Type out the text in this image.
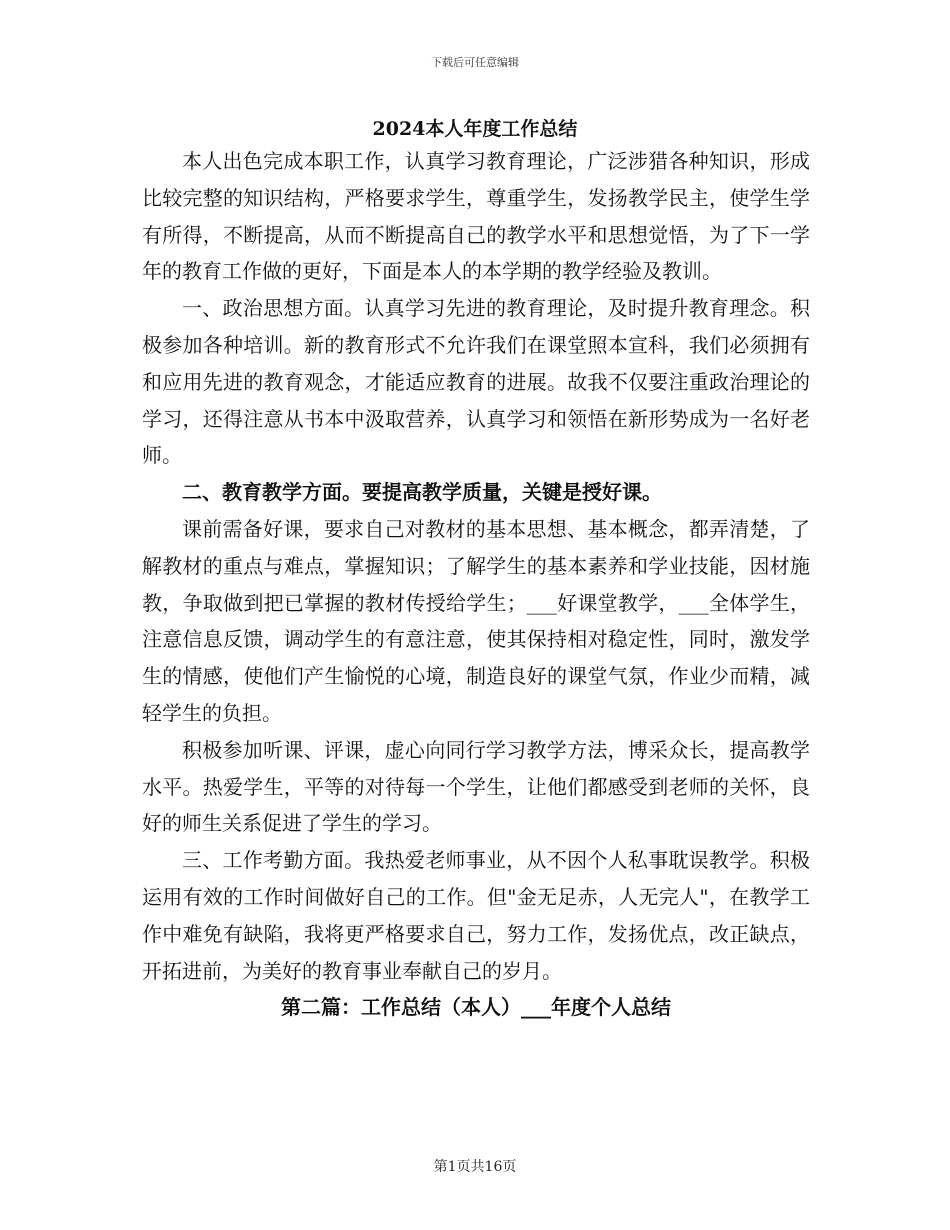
下载后可任意编辑
2024本人年度工作总结

本人出色完成本职工作，认真学习教育理论，广泛涉猎各种知识，形成比较完整的知识结构，严格要求学生，尊重学生，发扬教学民主，使学生学有所得，不断提高，从而不断提高自己的教学水平和思想觉悟，为了下一学年的教育工作做的更好，下面是本人的本学期的教学经验及教训。

一、政治思想方面。认真学习先进的教育理论，及时提升教育理念。积极参加各种培训。新的教育形式不允许我们在课堂照本宣科，我们必须拥有和应用先进的教育观念，才能适应教育的进展。故我不仅要注重政治理论的学习，还得注意从书本中汲取营养，认真学习和领悟在新形势成为一名好老师。

二、教育教学方面。要提高教学质量，关键是授好课。

课前需备好课，要求自己对教材的基本思想、基本概念，都弄清楚，了解教材的重点与难点，掌握知识；了解学生的基本素养和学业技能，因材施教，争取做到把已掌握的教材传授给学生；___好课堂教学，___全体学生，注意信息反馈，调动学生的有意注意，使其保持相对稳定性，同时，激发学生的情感，使他们产生愉悦的心境，制造良好的课堂气氛，作业少而精，减轻学生的负担。

积极参加听课、评课，虚心向同行学习教学方法，博采众长，提高教学水平。热爱学生，平等的对待每一个学生，让他们都感受到老师的关怀，良好的师生关系促进了学生的学习。

三、工作考勤方面。我热爱老师事业，从不因个人私事耽误教学。积极运用有效的工作时间做好自己的工作。但"金无足赤，人无完人"，在教学工作中难免有缺陷，我将更严格要求自己，努力工作，发扬优点，改正缺点，开拓进前，为美好的教育事业奉献自己的岁月。

第二篇：工作总结（本人）___年度个人总结

第1页共16页
